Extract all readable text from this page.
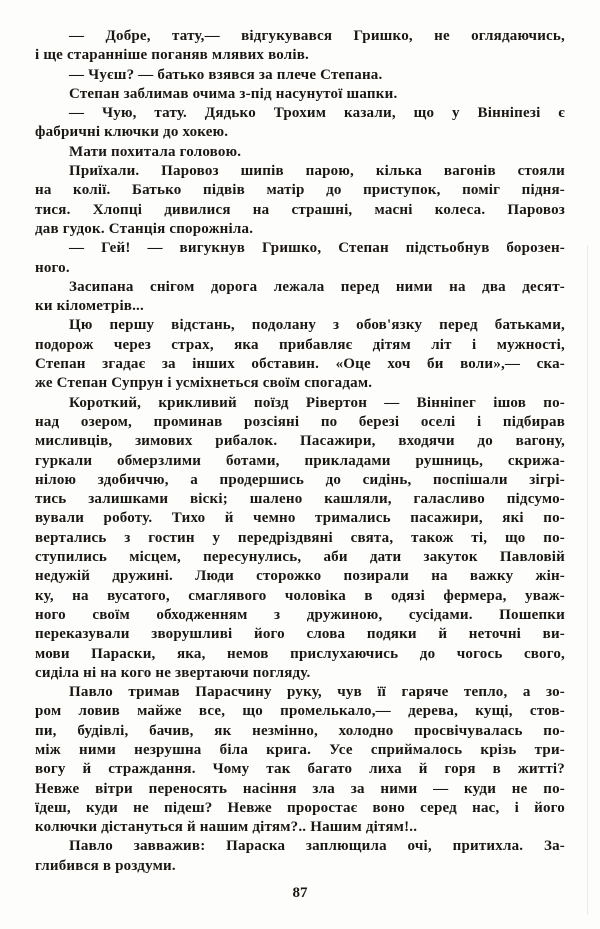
— Добре, тату,— відгукувався Гришко, не оглядаючись,
і ще старанніше поганяв млявих волів.
— Чуєш? — батько взявся за плече Степана.
Степан заблимав очима з-під насунутої шапки.
— Чую, тату. Дядько Трохим казали, що у Вінніпезі є
фабричні ключки до хокею.
Мати похитала головою.
Приїхали. Паровоз шипів парою, кілька вагонів стояли
на колії. Батько підвів матір до приступок, поміг підня-
тися. Хлопці дивилися на страшні, масні колеса. Паровоз
дав гудок. Станція спорожніла.
— Гей! — вигукнув Гришко, Степан підстьобнув борозен-
ного.
Засипана снігом дорога лежала перед ними на два десят-
ки кілометрів...
Цю першу відстань, подолану з обов'язку перед батьками,
подорож через страх, яка прибавляє дітям літ і мужності,
Степан згадає за інших обставин. «Оце хоч би воли»,— ска-
же Степан Супрун і усміхнеться своїм спогадам.
Короткий, крикливий поїзд Рівертон — Вінніпег ішов по-
над озером, проминав розсіяні по березі оселі і підбирав
мисливців, зимових рибалок. Пасажири, входячи до вагону,
гуркали обмерзлими ботами, прикладами рушниць, скрижа-
нілою здобиччю, а продершись до сидінь, поспішали зігрі-
тись залишками віскі; шалено кашляли, галасливо підсумо-
вували роботу. Тихо й чемно тримались пасажири, які по-
вертались з гостин у передріздвяні свята, також ті, що по-
ступились місцем, пересунулись, аби дати закуток Павловій
недужій дружині. Люди сторожко позирали на важку жін-
ку, на вусатого, смаглявого чоловіка в одязі фермера, уваж-
ного своїм обходженням з дружиною, сусідами. Пошепки
переказували зворушливі його слова подяки й неточні ви-
мови Параски, яка, немов прислухаючись до чогось свого,
сиділа ні на кого не звертаючи погляду.
Павло тримав Парасчину руку, чув її гаряче тепло, а зо-
ром ловив майже все, що промелькало,— дерева, кущі, стов-
пи, будівлі, бачив, як незмінно, холодно просвічувалась по-
між ними незрушна біла крига. Усе сприймалось крізь три-
вогу й страждання. Чому так багато лиха й горя в житті?
Невже вітри переносять насіння зла за ними — куди не по-
їдеш, куди не підеш? Невже проростає воно серед нас, і його
колючки дістануться й нашим дітям?.. Нашим дітям!..
Павло завважив: Параска заплющила очі, притихла. За-
глибився в роздуми.
87
